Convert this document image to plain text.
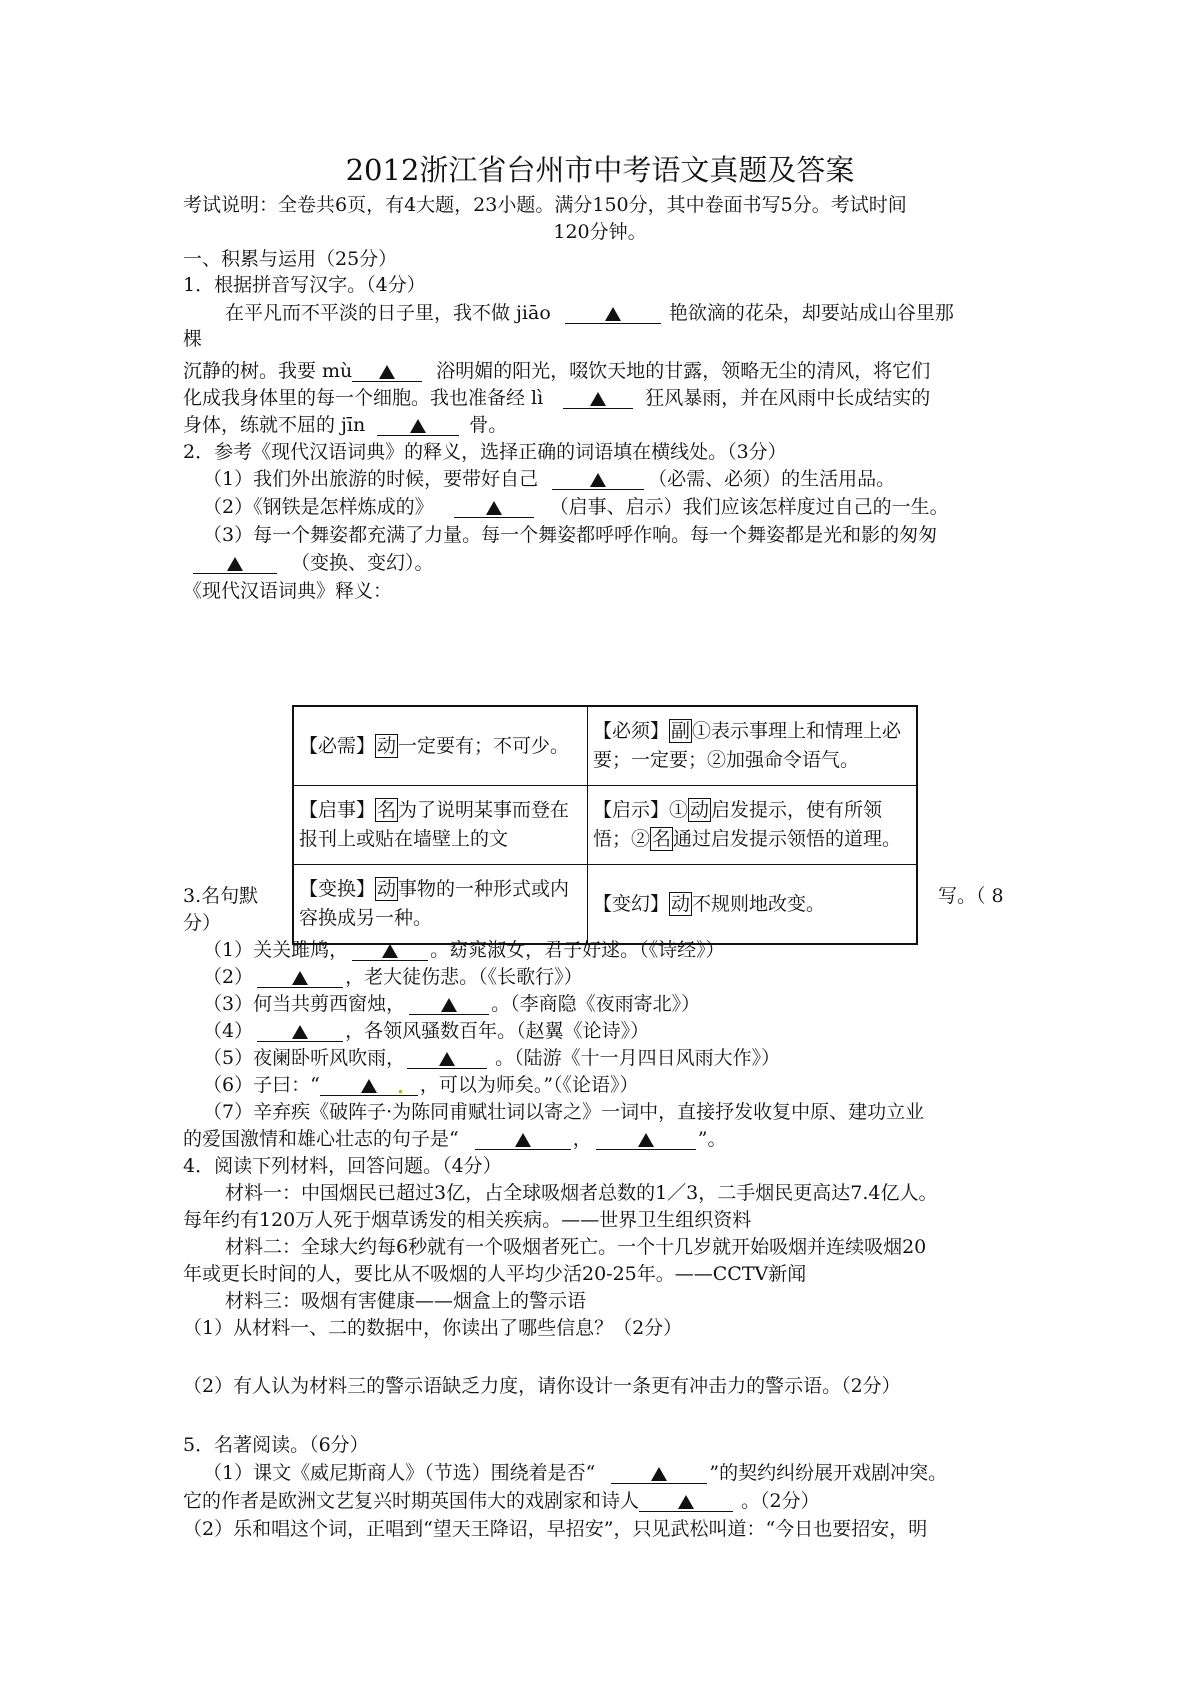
2012浙江省台州市中考语文真题及答案
考试说明：全卷共6页，有4大题，23小题。满分150分，其中卷面书写5分。考试时间
120分钟。
一、积累与运用（25分）
1．根据拼音写汉字。（4分）
在平凡而不平淡的日子里，我不做 jiāo	艳欲滴的花朵，却要站成山谷里那
棵
沉静的树。我要 mù	浴明媚的阳光，啜饮天地的甘露，领略无尘的清风，将它们
化成我身体里的每一个细胞。我也准备经 lì	狂风暴雨，并在风雨中长成结实的
身体，练就不屈的 jīn	骨。
2．参考《现代汉语词典》的释义，选择正确的词语填在横线处。（3分）
（1）我们外出旅游的时候，要带好自己	（必需、必须）的生活用品。
（2）《钢铁是怎样炼成的》	（启事、启示）我们应该怎样度过自己的一生。
（3）每一个舞姿都充满了力量。每一个舞姿都呼呼作响。每一个舞姿都是光和影的匆匆
（变换、变幻）。
《现代汉语词典》释义：
【必需】 动 一定要有；不可少。	【必须】 副 ①表示事理上和情理上必要；一定要；②加强命令语气。
【启事】 名 为了说明某事而登在报刊上或贴在墙壁上的文	【启示】① 动 启发提示，使有所领悟；② 名 通过启发提示领悟的道理。
【变换】 动 事物的一种形式或内容换成另一种。	【变幻】 动 不规则地改变。
3.名句默	写。（ 8
分）
（1）关关雎鸠，	。窈窕淑女，君子好逑。（《诗经》）
（2）	，老大徒伤悲。（《长歌行》）
（3）何当共剪西窗烛，	。（李商隐《夜雨寄北》）
（4）	，各领风骚数百年。（赵翼《论诗》）
（5）夜阑卧听风吹雨，	。（陆游《十一月四日风雨大作》）
（6）子曰：“	，可以为师矣。”（《论语》）
（7）辛弃疾《破阵子·为陈同甫赋壮词以寄之》一词中，直接抒发收复中原、建功立业
的爱国激情和雄心壮志的句子是“	，	”。
4．阅读下列材料，回答问题。（4分）
材料一：中国烟民已超过3亿，占全球吸烟者总数的1／3，二手烟民更高达7.4亿人。
每年约有120万人死于烟草诱发的相关疾病。——世界卫生组织资料
材料二：全球大约每6秒就有一个吸烟者死亡。一个十几岁就开始吸烟并连续吸烟20
年或更长时间的人，要比从不吸烟的人平均少活20-25年。——CCTV新闻
材料三：吸烟有害健康——烟盒上的警示语
（1）从材料一、二的数据中，你读出了哪些信息？（2分）
（2）有人认为材料三的警示语缺乏力度，请你设计一条更有冲击力的警示语。（2分）
5．名著阅读。（6分）
（1）课文《威尼斯商人》（节选）围绕着是否“	”的契约纠纷展开戏剧冲突。
它的作者是欧洲文艺复兴时期英国伟大的戏剧家和诗人	。（2分）
（2）乐和唱这个词，正唱到“望天王降诏，早招安”，只见武松叫道：“今日也要招安，明
